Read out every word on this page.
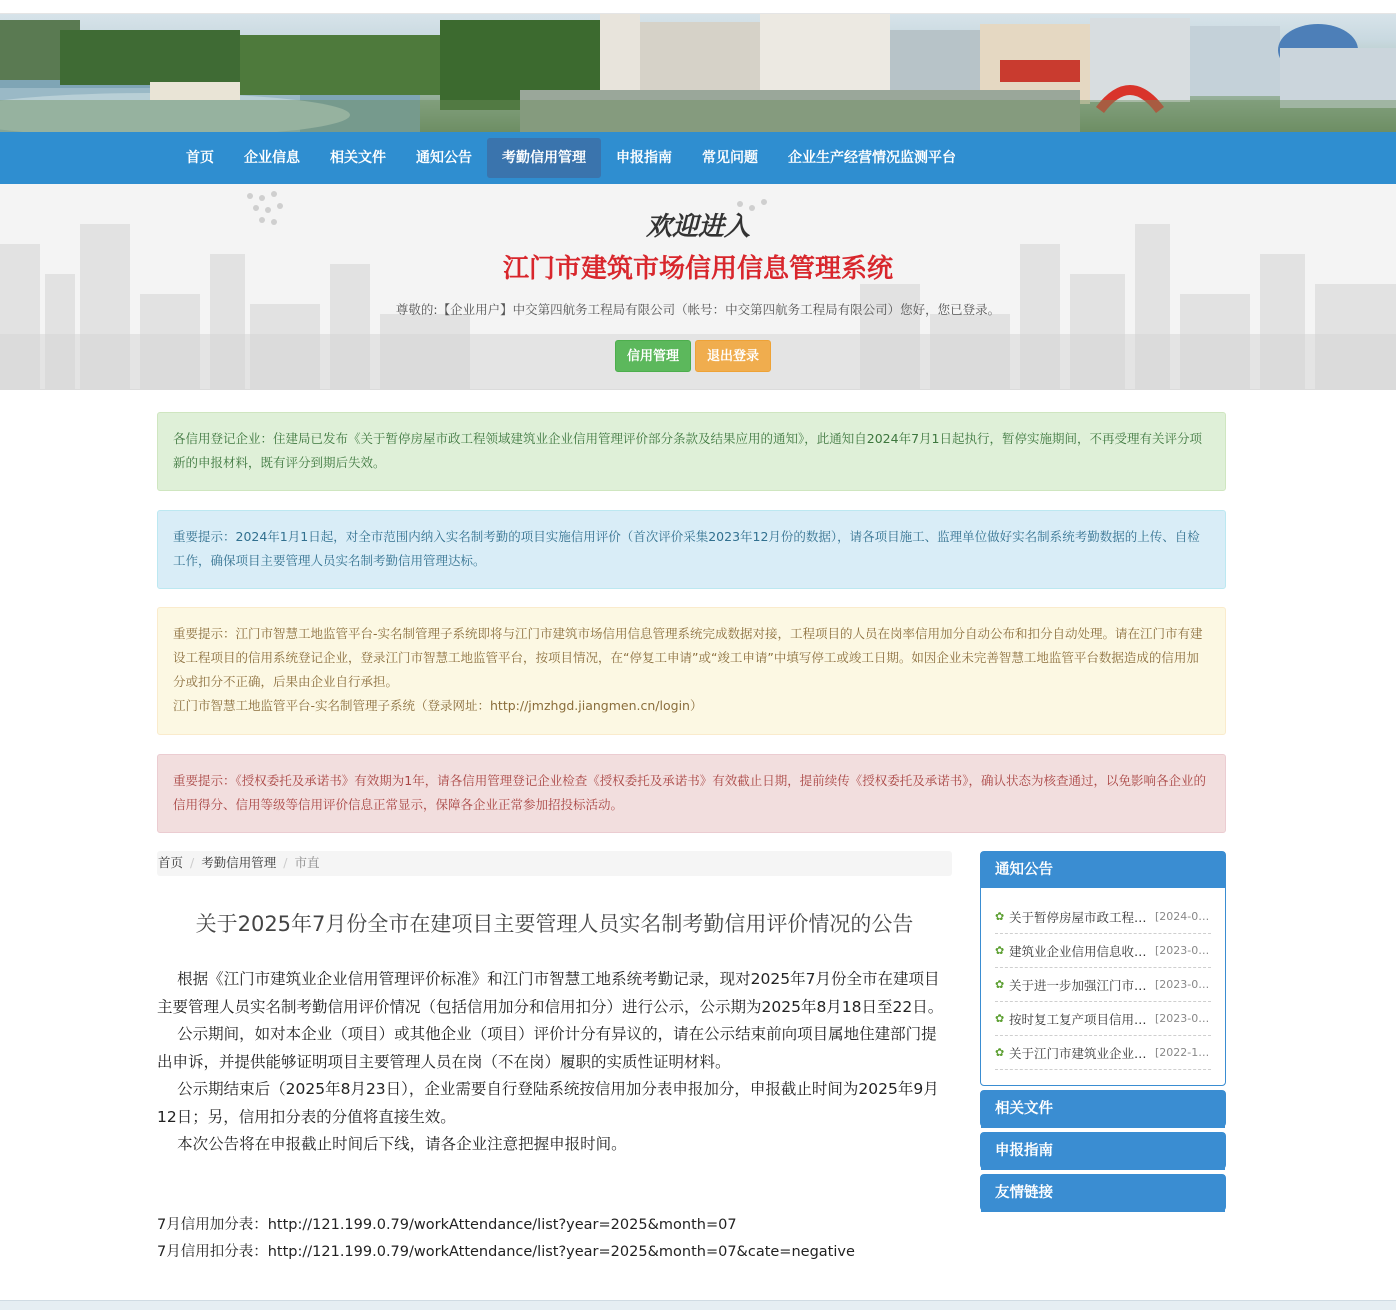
首页	企业信息	相关文件	通知公告	考勤信用管理	申报指南	常见问题	企业生产经营情况监测平台
欢迎进入
江门市建筑市场信用信息管理系统
尊敬的:【企业用户】中交第四航务工程局有限公司（帐号：中交第四航务工程局有限公司）您好，您已登录。
信用管理	退出登录
各信用登记企业：住建局已发布《关于暂停房屋市政工程领域建筑业企业信用管理评价部分条款及结果应用的通知》，此通知自2024年7月1日起执行，暂停实施期间，不再受理有关评分项新的申报材料，既有评分到期后失效。
重要提示：2024年1月1日起，对全市范围内纳入实名制考勤的项目实施信用评价（首次评价采集2023年12月份的数据），请各项目施工、监理单位做好实名制系统考勤数据的上传、自检工作，确保项目主要管理人员实名制考勤信用管理达标。
重要提示：江门市智慧工地监管平台-实名制管理子系统即将与江门市建筑市场信用信息管理系统完成数据对接，工程项目的人员在岗率信用加分自动公布和扣分自动处理。请在江门市有建设工程项目的信用系统登记企业，登录江门市智慧工地监管平台，按项目情况，在“停复工申请”或“竣工申请”中填写停工或竣工日期。如因企业未完善智慧工地监管平台数据造成的信用加分或扣分不正确，后果由企业自行承担。
江门市智慧工地监管平台-实名制管理子系统（登录网址：http://jmzhgd.jiangmen.cn/login）
重要提示：《授权委托及承诺书》有效期为1年，请各信用管理登记企业检查《授权委托及承诺书》有效截止日期，提前续传《授权委托及承诺书》，确认状态为核查通过，以免影响各企业的信用得分、信用等级等信用评价信息正常显示，保障各企业正常参加招投标活动。
首页 / 考勤信用管理 / 市直
关于2025年7月份全市在建项目主要管理人员实名制考勤信用评价情况的公告

根据《江门市建筑业企业信用管理评价标准》和江门市智慧工地系统考勤记录，现对2025年7月份全市在建项目主要管理人员实名制考勤信用评价情况（包括信用加分和信用扣分）进行公示，公示期为2025年8月18日至22日。

公示期间，如对本企业（项目）或其他企业（项目）评价计分有异议的，请在公示结束前向项目属地住建部门提出申诉，并提供能够证明项目主要管理人员在岗（不在岗）履职的实质性证明材料。

公示期结束后（2025年8月23日），企业需要自行登陆系统按信用加分表申报加分，申报截止时间为2025年9月12日；另，信用扣分表的分值将直接生效。

本次公告将在申报截止时间后下线，请各企业注意把握申报时间。

7月信用加分表：http://121.199.0.79/workAttendance/list?year=2025&month=07
7月信用扣分表：http://121.199.0.79/workAttendance/list?year=2025&month=07&cate=negative
通知公告
✿ 关于暂停房屋市政工程… [2024-0…
✿ 建筑业企业信用信息收… [2023-0…
✿ 关于进一步加强江门市… [2023-0…
✿ 按时复工复产项目信用… [2023-0…
✿ 关于江门市建筑业企业… [2022-1…
相关文件
申报指南
友情链接
